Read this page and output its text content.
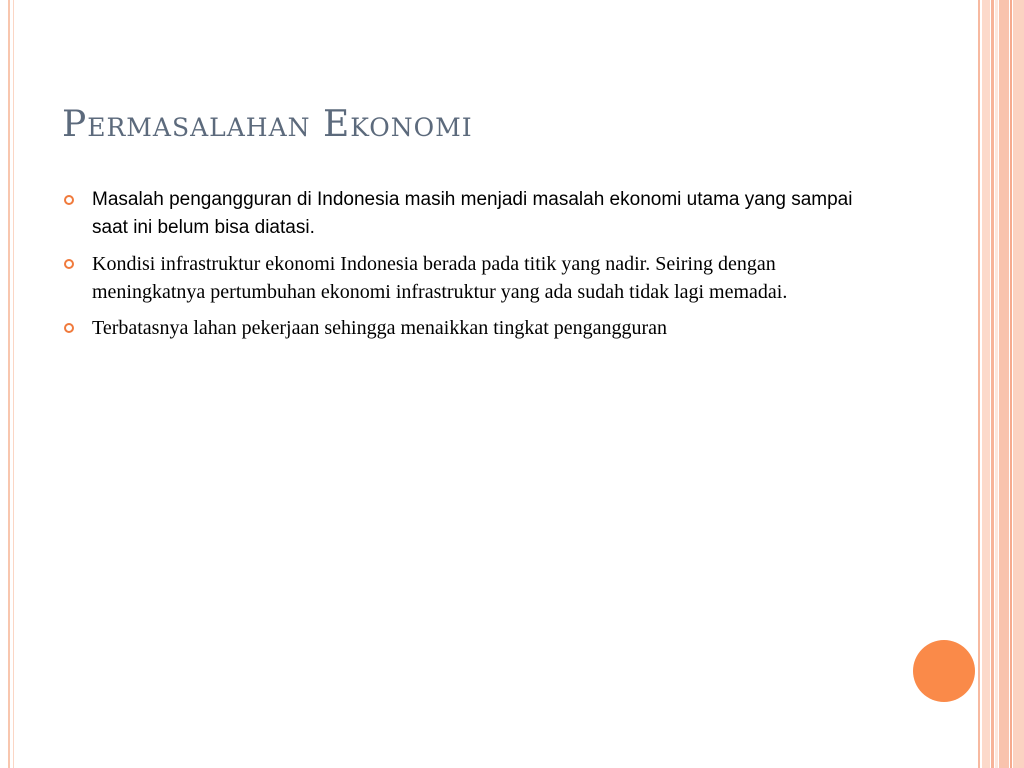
Permasalahan Ekonomi
Masalah pengangguran di Indonesia masih menjadi masalah ekonomi utama yang sampai saat ini belum bisa diatasi.
Kondisi infrastruktur ekonomi Indonesia berada pada titik yang nadir. Seiring dengan meningkatnya pertumbuhan ekonomi infrastruktur yang ada sudah tidak lagi memadai.
Terbatasnya lahan pekerjaan sehingga menaikkan tingkat pengangguran
